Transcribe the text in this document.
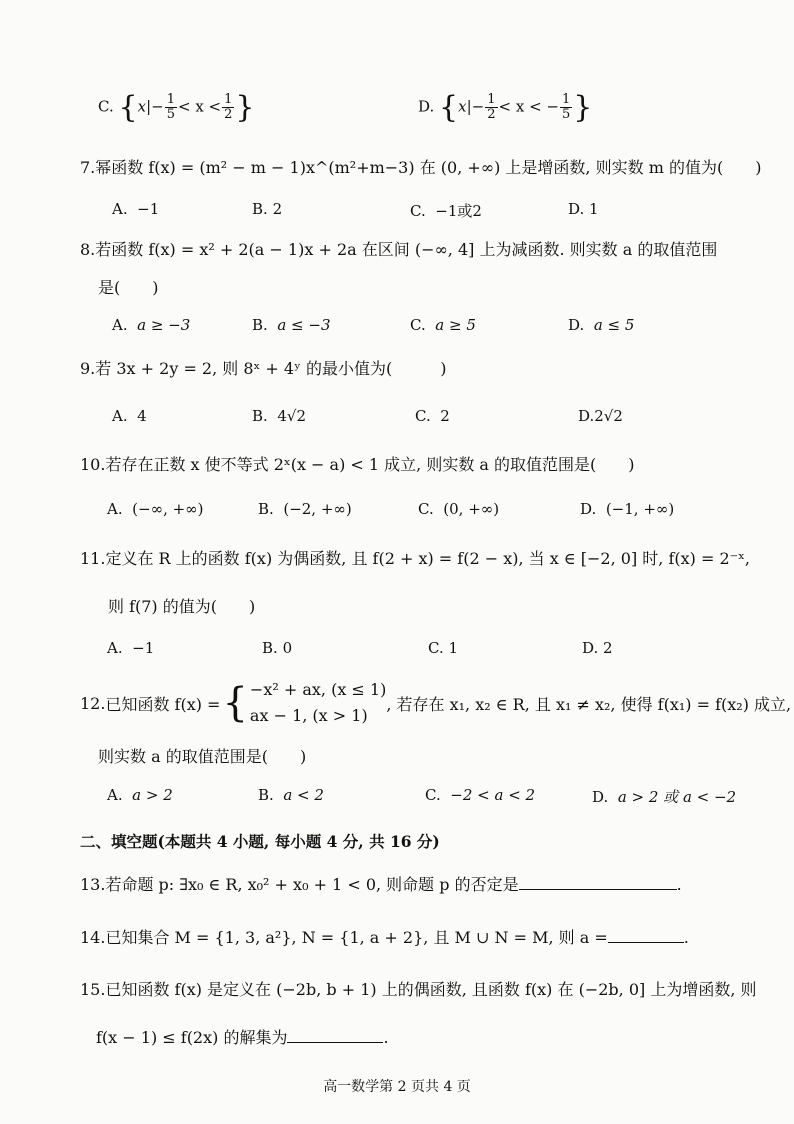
C. {$x|- \frac{1}{5} < x < \frac{1}{2}$ }	D. {$x|- \frac{1}{2} < x$ < − $\frac{1}{5}$ }
7.幂函数 f(x) = (m² − m − 1)x^(m²+m−3) 在 (0, +∞) 上是增函数, 则实数 m 的值为(　　)
A. −1	B. 2	C. −1或2	D. 1
8.若函数 f(x) = x² + 2(a − 1)x + 2a 在区间 (−∞, 4] 上为减函数. 则实数 a 的取值范围
是(　　)
A. a ≥ −3	B. a ≤ −3	C. a ≥ 5	D. a ≤ 5
9.若 3x + 2y = 2, 则 8ˣ + 4ʸ 的最小值为(　　　)
A. 4	B. 4√2	C. 2	D.2√2
10.若存在正数 x 使不等式 2ˣ(x − a) < 1 成立, 则实数 a 的取值范围是(　　)
A. (−∞, +∞)	B. (−2, +∞)	C. (0, +∞)	D. (−1, +∞)
11.定义在 R 上的函数 f(x) 为偶函数, 且 f(2 + x) = f(2 − x), 当 x ∈ [−2, 0] 时, f(x) = 2⁻ˣ,
则 f(7) 的值为(　　)
A. −1	B. 0	C. 1	D. 2
12. 已知函数 f(x) = { −x² + ax, (x ≤ 1)
ax − 1, (x > 1)
, 若存在 x₁, x₂ ∈ R, 且 x₁ ≠ x₂, 使得 f(x₁) = f(x₂) 成立,
则实数 a 的取值范围是(　　)
A. a > 2	B. a < 2	C. −2 < a < 2	D. a > 2 或 a < −2
二、填空题(本题共 4 小题, 每小题 4 分, 共 16 分)
13.若命题 p: ∃x₀ ∈ R, x₀² + x₀ + 1 < 0, 则命题 p 的否定是	.
14.已知集合 M = {1, 3, a²}, N = {1, a + 2}, 且 M ∪ N = M, 则 a =	.
15.已知函数 f(x) 是定义在 (−2b, b + 1) 上的偶函数, 且函数 f(x) 在 (−2b, 0] 上为增函数, 则
f(x − 1) ≤ f(2x) 的解集为	.
高一数学第 2 页共 4 页
